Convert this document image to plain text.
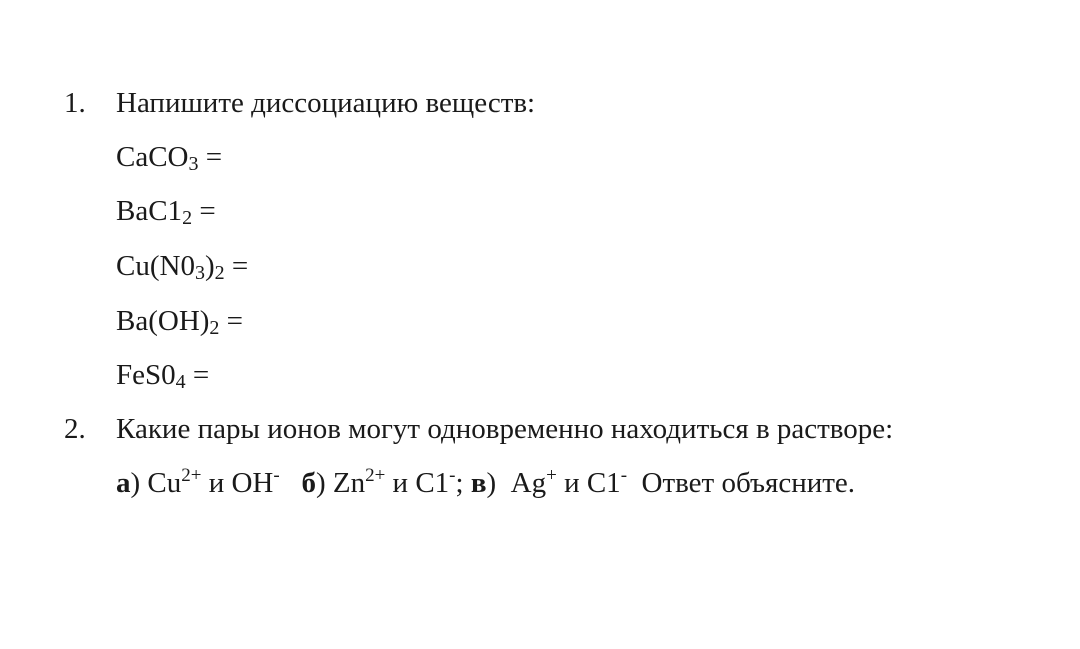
1. Напишите диссоциацию веществ:
CaCO$_3$ =
$BaC1_2$ =
$Cu(N0_3)_2$ =
$Ba(OH)_2$ =
$FeS0_4$ =
2. Какие пары ионов могут одновременно находиться в растворе:
а) $Cu^{2+}$ и OH- б) $Zn^{2+}$ и C1-; в)  Ag+ и C1-  Ответ объясните.
